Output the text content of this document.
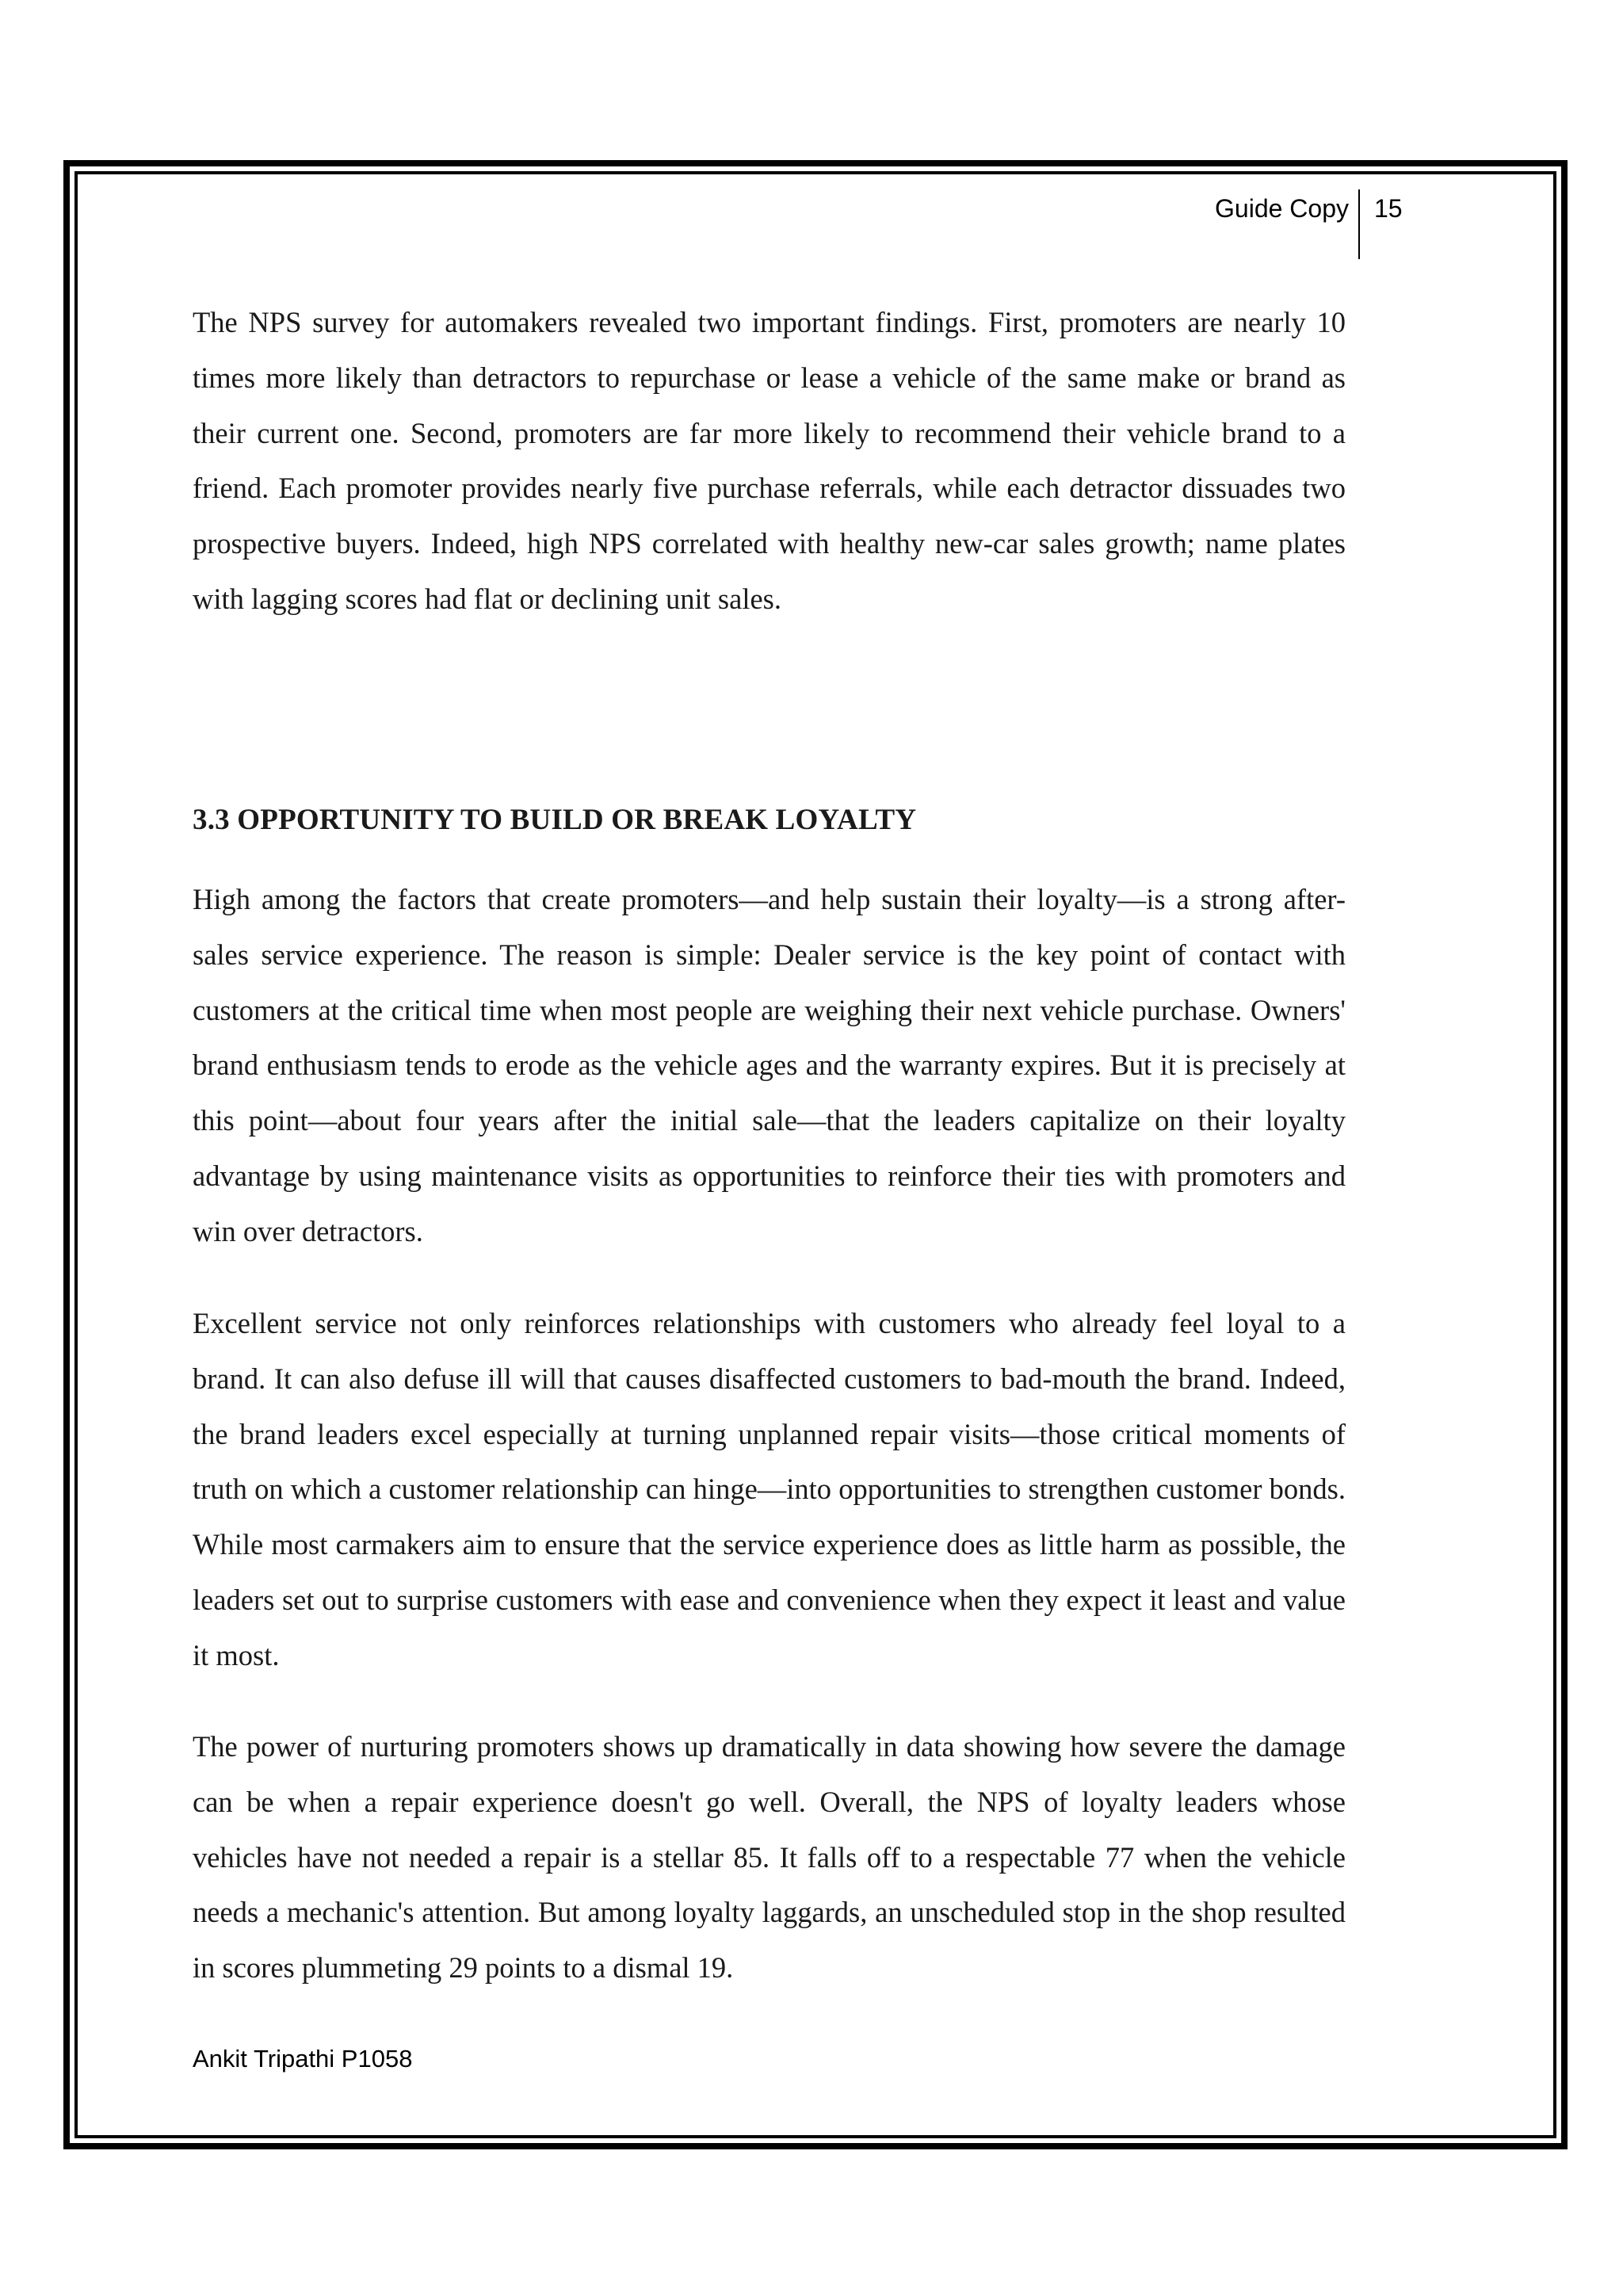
Guide Copy 15

The NPS survey for automakers revealed two important findings. First, promoters are nearly 10 times more likely than detractors to repurchase or lease a vehicle of the same make or brand as their current one. Second, promoters are far more likely to recommend their vehicle brand to a friend. Each promoter provides nearly five purchase referrals, while each detractor dissuades two prospective buyers. Indeed, high NPS correlated with healthy new-car sales growth; name plates with lagging scores had flat or declining unit sales.

3.3 OPPORTUNITY TO BUILD OR BREAK LOYALTY

High among the factors that create promoters—and help sustain their loyalty—is a strong after-sales service experience. The reason is simple: Dealer service is the key point of contact with customers at the critical time when most people are weighing their next vehicle purchase. Owners' brand enthusiasm tends to erode as the vehicle ages and the warranty expires. But it is precisely at this point—about four years after the initial sale—that the leaders capitalize on their loyalty advantage by using maintenance visits as opportunities to reinforce their ties with promoters and win over detractors.

Excellent service not only reinforces relationships with customers who already feel loyal to a brand. It can also defuse ill will that causes disaffected customers to bad-mouth the brand. Indeed, the brand leaders excel especially at turning unplanned repair visits—those critical moments of truth on which a customer relationship can hinge—into opportunities to strengthen customer bonds. While most carmakers aim to ensure that the service experience does as little harm as possible, the leaders set out to surprise customers with ease and convenience when they expect it least and value it most.

The power of nurturing promoters shows up dramatically in data showing how severe the damage can be when a repair experience doesn't go well. Overall, the NPS of loyalty leaders whose vehicles have not needed a repair is a stellar 85. It falls off to a respectable 77 when the vehicle needs a mechanic's attention. But among loyalty laggards, an unscheduled stop in the shop resulted in scores plummeting 29 points to a dismal 19.

Ankit Tripathi P1058
